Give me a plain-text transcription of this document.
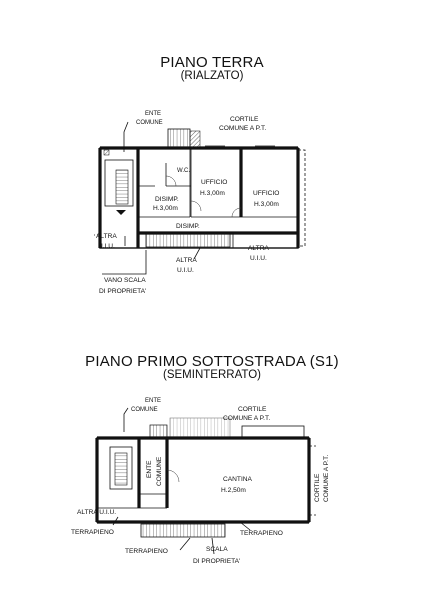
PIANO TERRA
(RIALZATO)
PIANO PRIMO SOTTOSTRADA (S1)
(SEMINTERRATO)
ENTE
COMUNE	CORTILE
COMUNE A P.T.
W.C.
UFFICIO
H.3,00m	UFFICIO
H.3,00m
DISIMP.
H.3,00m
DISIMP.
ALTRA
U.I.U.	ALTRA
U.I.U.
ALTRA
U.I.U.
VANO SCALA
DI PROPRIETA'
ENTE
COMUNE	CORTILE
COMUNE A P.T.
ENTE COMUNE	CANTINA
H.2,50m	CORTILE COMUNE A P.T.
ALTRA U.I.U.
TERRAPIENO	TERRAPIENO
TERRAPIENO	SCALA
DI PROPRIETA'
